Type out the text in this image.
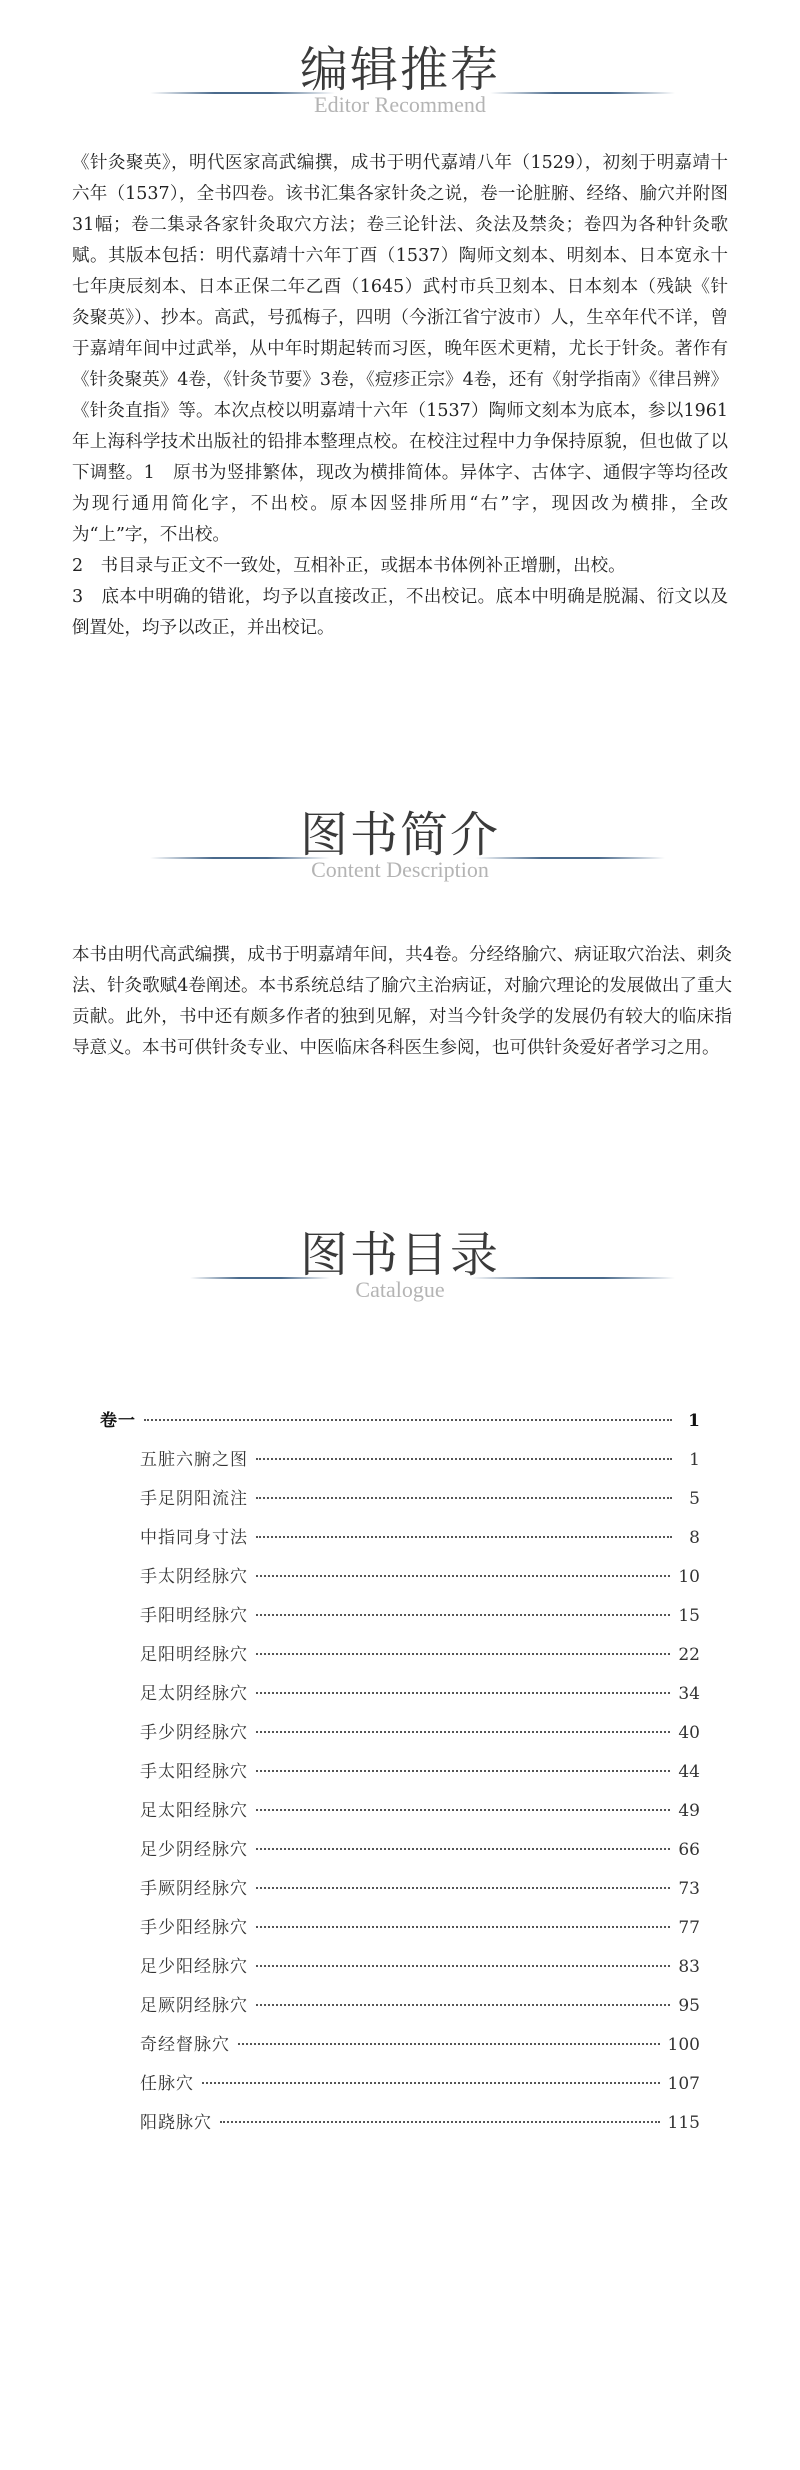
编辑推荐
Editor Recommend

《针灸聚英》，明代医家高武编撰，成书于明代嘉靖八年（1529），初刻于明嘉靖十六年（1537），全书四卷。该书汇集各家针灸之说，卷一论脏腑、经络、腧穴并附图31幅；卷二集录各家针灸取穴方法；卷三论针法、灸法及禁灸；卷四为各种针灸歌赋。其版本包括：明代嘉靖十六年丁酉（1537）陶师文刻本、明刻本、日本宽永十七年庚辰刻本、日本正保二年乙酉（1645）武村市兵卫刻本、日本刻本（残缺《针灸聚英》）、抄本。高武，号孤梅子，四明（今浙江省宁波市）人，生卒年代不详，曾于嘉靖年间中过武举，从中年时期起转而习医，晚年医术更精，尤长于针灸。著作有《针灸聚英》4卷，《针灸节要》3卷，《痘疹正宗》4卷，还有《射学指南》《律吕辨》《针灸直指》等。本次点校以明嘉靖十六年（1537）陶师文刻本为底本，参以1961年上海科学技术出版社的铅排本整理点校。在校注过程中力争保持原貌，但也做了以下调整。1　原书为竖排繁体，现改为横排简体。异体字、古体字、通假字等均径改为现行通用简化字，不出校。原本因竖排所用“右”字，现因改为横排，全改为“上”字，不出校。

2　书目录与正文不一致处，互相补正，或据本书体例补正增删，出校。

3　底本中明确的错讹，均予以直接改正，不出校记。底本中明确是脱漏、衍文以及倒置处，均予以改正，并出校记。

图书简介
Content Description

本书由明代高武编撰，成书于明嘉靖年间，共4卷。分经络腧穴、病证取穴治法、刺灸法、针灸歌赋4卷阐述。本书系统总结了腧穴主治病证，对腧穴理论的发展做出了重大贡献。此外，书中还有颇多作者的独到见解，对当今针灸学的发展仍有较大的临床指导意义。本书可供针灸专业、中医临床各科医生参阅，也可供针灸爱好者学习之用。

图书目录
Catalogue
卷一	1
五脏六腑之图	1
手足阴阳流注	5
中指同身寸法	8
手太阴经脉穴	10
手阳明经脉穴	15
足阳明经脉穴	22
足太阴经脉穴	34
手少阴经脉穴	40
手太阳经脉穴	44
足太阳经脉穴	49
足少阴经脉穴	66
手厥阴经脉穴	73
手少阳经脉穴	77
足少阳经脉穴	83
足厥阴经脉穴	95
奇经督脉穴	100
任脉穴	107
阳跷脉穴	115
